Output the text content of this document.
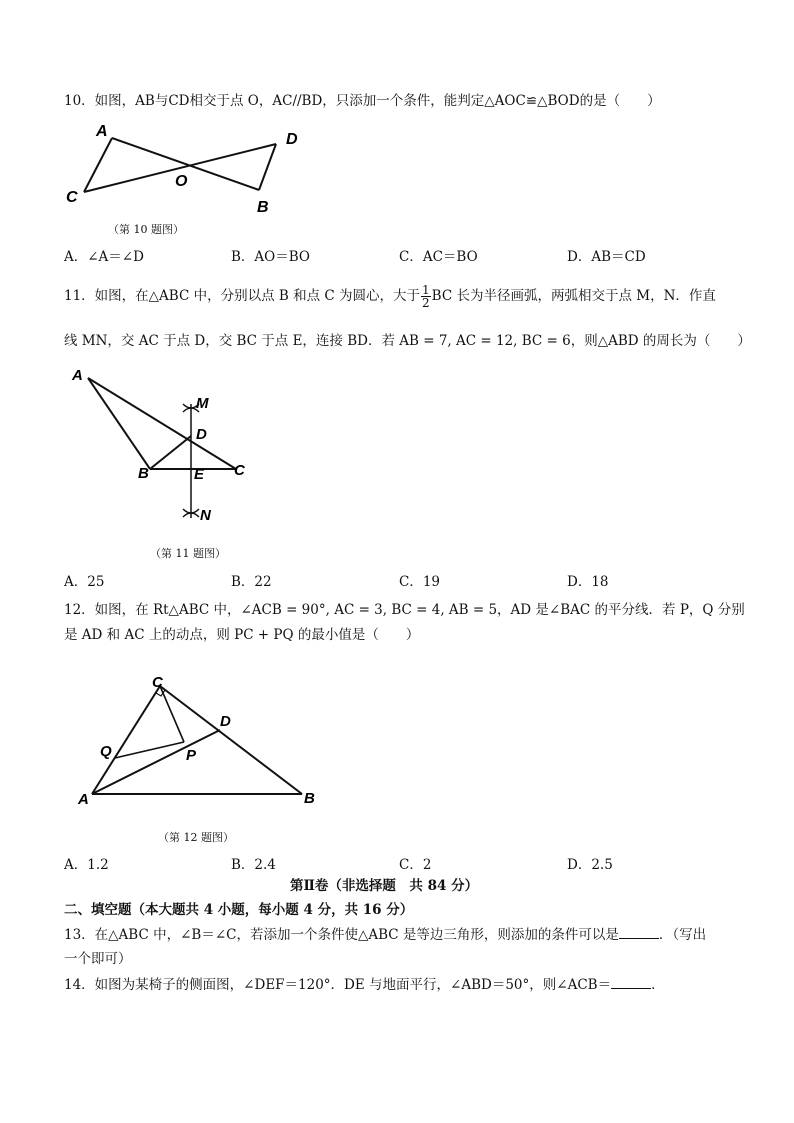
10．如图，AB与CD相交于点 O，AC//BD，只添加一个条件，能判定△AOC≌△BOD的是（　　）
A
C
O
D
B
（第 10 题图）
A．∠A＝∠D	B．AO＝BO	C．AC＝BO	D．AB＝CD
11．如图，在△ABC 中，分别以点 B 和点 C 为圆心，大于 $\frac{1}{2}$ BC 长为半径画弧，两弧相交于点 M，N．作直
线 MN，交 AC 于点 D，交 BC 于点 E，连接 BD．若 AB = 7, AC = 12, BC = 6，则△ABD 的周长为（　　）
A
M
D
B	E C
N
（第 11 题图）
A．25	B．22	C．19	D．18
12．如图，在 Rt△ABC 中，∠ACB = 90°, AC = 3, BC = 4, AB = 5，AD 是∠BAC 的平分线．若 P，Q 分别
是 AD 和 AC 上的动点，则 PC + PQ 的最小值是（　　）
C
D
Q	P
A	B
（第 12 题图）
A．1.2	B．2.4	C．2	D．2.5
第Ⅱ卷（非选择题　共 84 分）
二、填空题（本大题共 4 小题，每小题 4 分，共 16 分）
13．在△ABC 中，∠B＝∠C，若添加一个条件使△ABC 是等边三角形，则添加的条件可以是	．（写出
一个即可）
14．如图为某椅子的侧面图，∠DEF＝120°．DE 与地面平行，∠ABD＝50°，则∠ACB＝	．
